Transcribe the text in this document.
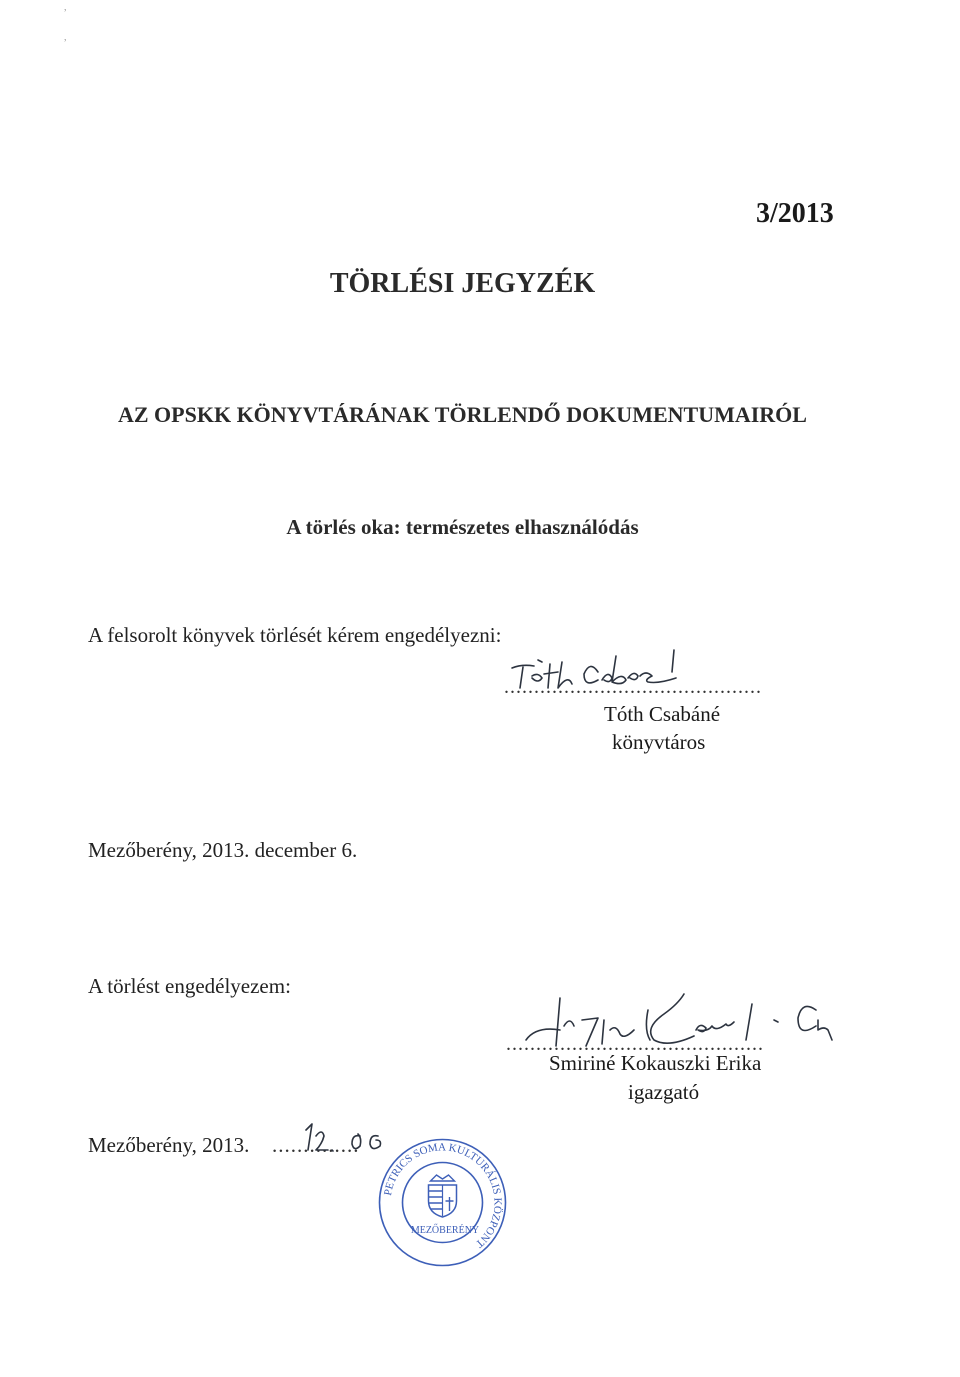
,
,

3/2013

TÖRLÉSI JEGYZÉK
AZ OPSKK KÖNYVTÁRÁNAK TÖRLENDŐ DOKUMENTUMAIRÓL

A törlés oka: természetes elhasználódás

A felsorolt könyvek törlését kérem engedélyezni:

...........................................

Tóth Csabáné

könyvtáros

Mezőberény, 2013. december 6.

A törlést engedélyezem:

...........................................

Smiriné Kokauszki Erika

igazgató

Mezőberény, 2013. ..............

PETRICS SOMA KULTURÁLIS KÖZPONT
MEZŐBERÉNY
